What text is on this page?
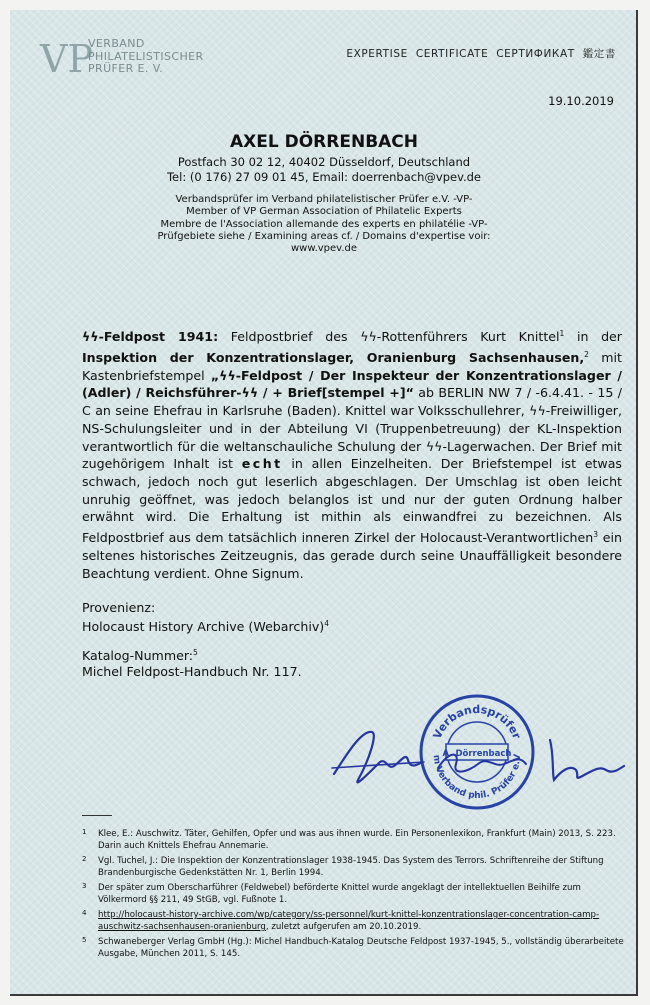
VP
VERBAND
PHILATELISTISCHER
PRÜFER E. V.
EXPERTISE CERTIFICATE СЕРТИФИКАТ 鑑定書
19.10.2019
AXEL DÖRRENBACH
Postfach 30 02 12, 40402 Düsseldorf, Deutschland
Tel: (0 176) 27 09 01 45, Email: doerrenbach@vpev.de
Verbandsprüfer im Verband philatelistischer Prüfer e.V. -VP-
Member of VP German Association of Philatelic Experts
Membre de l'Association allemande des experts en philatélie -VP-
Prüfgebiete siehe / Examining areas cf. / Domains d'expertise voir:
www.vpev.de
ϟϟ-Feldpost 1941: Feldpostbrief des ϟϟ-Rottenführers Kurt Knittel$^1$ in der Inspektion der Konzentrationslager, Oranienburg Sachsenhausen,$^2$ mit Kastenbriefstempel „ϟϟ-Feldpost / Der Inspekteur der Konzentrationslager / (Adler) / Reichsführer-ϟϟ / + Brief[stempel +]“ ab BERLIN NW 7 / -6.4.41. - 15 / C an seine Ehefrau in Karlsruhe (Baden). Knittel war Volksschullehrer, ϟϟ-Freiwilliger, NS-Schulungsleiter und in der Abteilung VI (Truppenbetreuung) der KL-Inspektion verantwortlich für die weltanschauliche Schulung der ϟϟ-Lagerwachen. Der Brief mit zugehörigem Inhalt ist echt in allen Einzelheiten. Der Briefstempel ist etwas schwach, jedoch noch gut leserlich abgeschlagen. Der Umschlag ist oben leicht unruhig geöffnet, was jedoch belanglos ist und nur der guten Ordnung halber erwähnt wird. Die Erhaltung ist mithin als einwandfrei zu bezeichnen. Als Feldpostbrief aus dem tatsächlich inneren Zirkel der Holocaust-Verantwortlichen$^3$ ein seltenes historisches Zeitzeugnis, das gerade durch seine Unauffälligkeit besondere Beachtung verdient. Ohne Signum.
Provenienz:
Holocaust History Archive (Webarchiv)$^4$
Katalog-Nummer:$^5$
Michel Feldpost-Handbuch Nr. 117.
Verbandsprüfer
m Verband phil. Prüfer e.V
A. Dörrenbach
1 Klee, E.: Auschwitz. Täter, Gehilfen, Opfer und was aus ihnen wurde. Ein Personenlexikon, Frankfurt (Main) 2013, S. 223. Darin auch Knittels Ehefrau Annemarie.
2 Vgl. Tuchel, J.: Die Inspektion der Konzentrationslager 1938-1945. Das System des Terrors. Schriftenreihe der Stiftung Brandenburgische Gedenkstätten Nr. 1, Berlin 1994.
3 Der später zum Oberscharführer (Feldwebel) beförderte Knittel wurde angeklagt der intellektuellen Beihilfe zum Völkermord §§ 211, 49 StGB, vgl. Fußnote 1.
4 http://holocaust-history-archive.com/wp/category/ss-personnel/kurt-knittel-konzentrationslager-concentration-camp-auschwitz-sachsenhausen-oranienburg, zuletzt aufgerufen am 20.10.2019.
5 Schwaneberger Verlag GmbH (Hg.): Michel Handbuch-Katalog Deutsche Feldpost 1937-1945, 5., vollständig überarbeitete Ausgabe, München 2011, S. 145.
